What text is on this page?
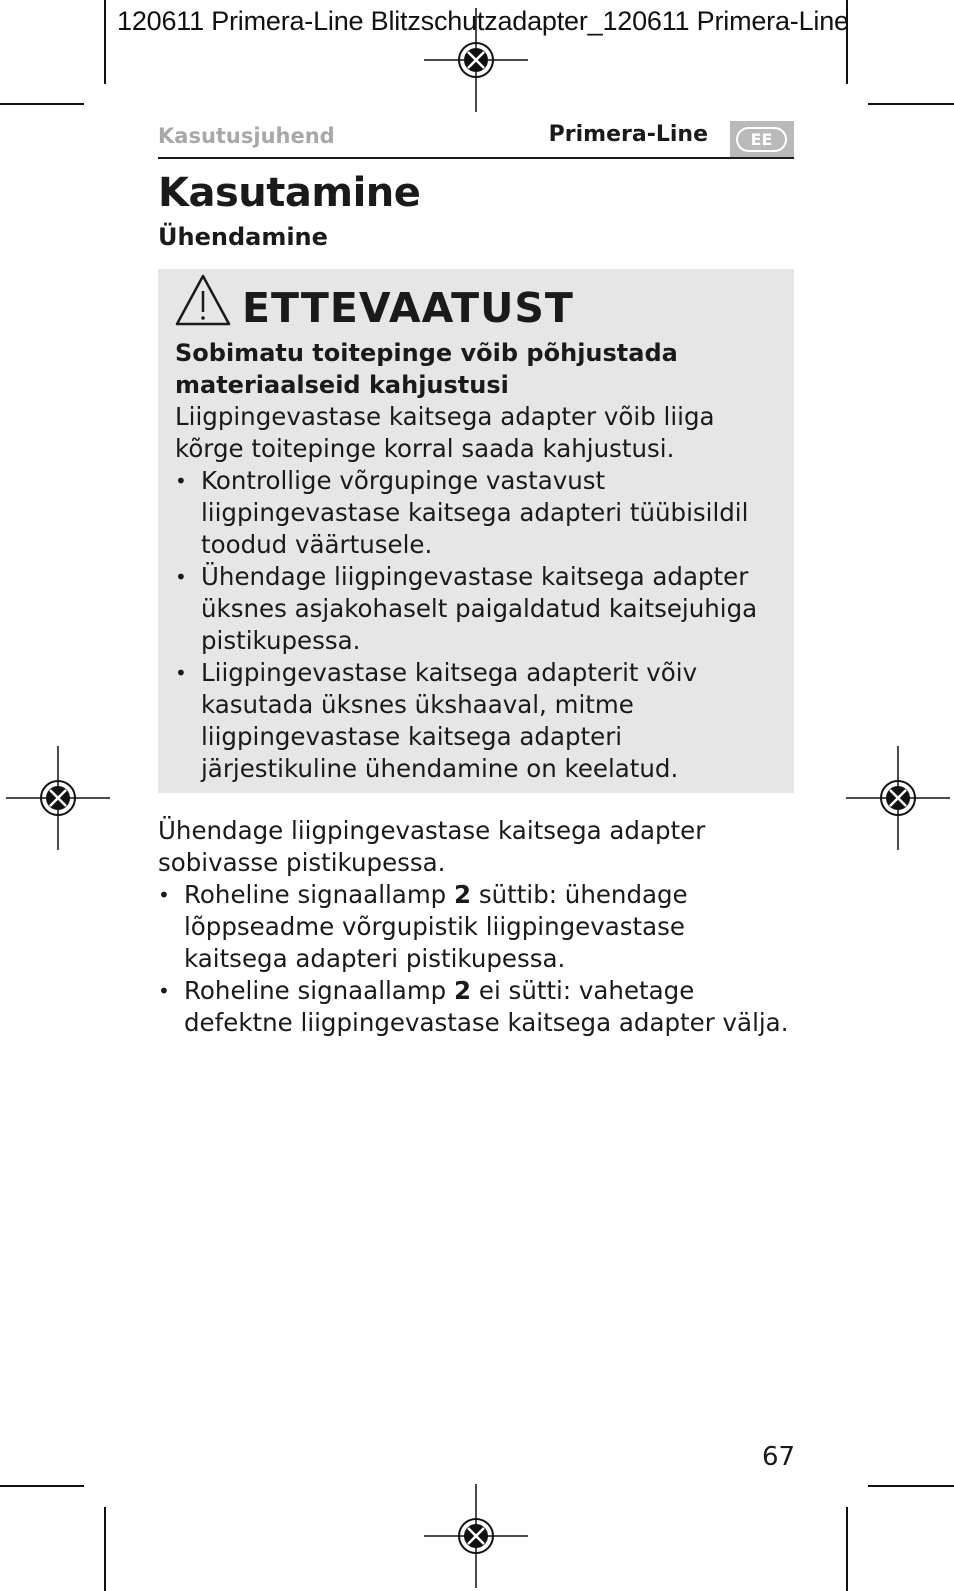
120611 Primera-Line Blitzschutzadapter_120611 Primera-Line
Kasutusjuhend	Primera-Line	EE
Kasutamine
Ühendamine
ETTEVAATUST
Sobimatu toitepinge võib põhjustada materiaalseid kahjustusi
Liigpingevastase kaitsega adapter võib liiga kõrge toitepinge korral saada kahjustusi.
• Kontrollige võrgupinge vastavust liigpingevastase kaitsega adapteri tüübisildil toodud väärtusele.
• Ühendage liigpingevastase kaitsega adapter üksnes asjakohaselt paigaldatud kaitsejuhiga pistikupessa.
• Liigpingevastase kaitsega adapterit võiv kasutada üksnes ükshaaval, mitme liigpingevastase kaitsega adapteri järjestikuline ühendamine on keelatud.
Ühendage liigpingevastase kaitsega adapter sobivasse pistikupessa.
• Roheline signaallamp 2 süttib: ühendage lõppseadme võrgupistik liigpingevastase kaitsega adapteri pistikupessa.
• Roheline signaallamp 2 ei sütti: vahetage defektne liigpingevastase kaitsega adapter välja.
67
